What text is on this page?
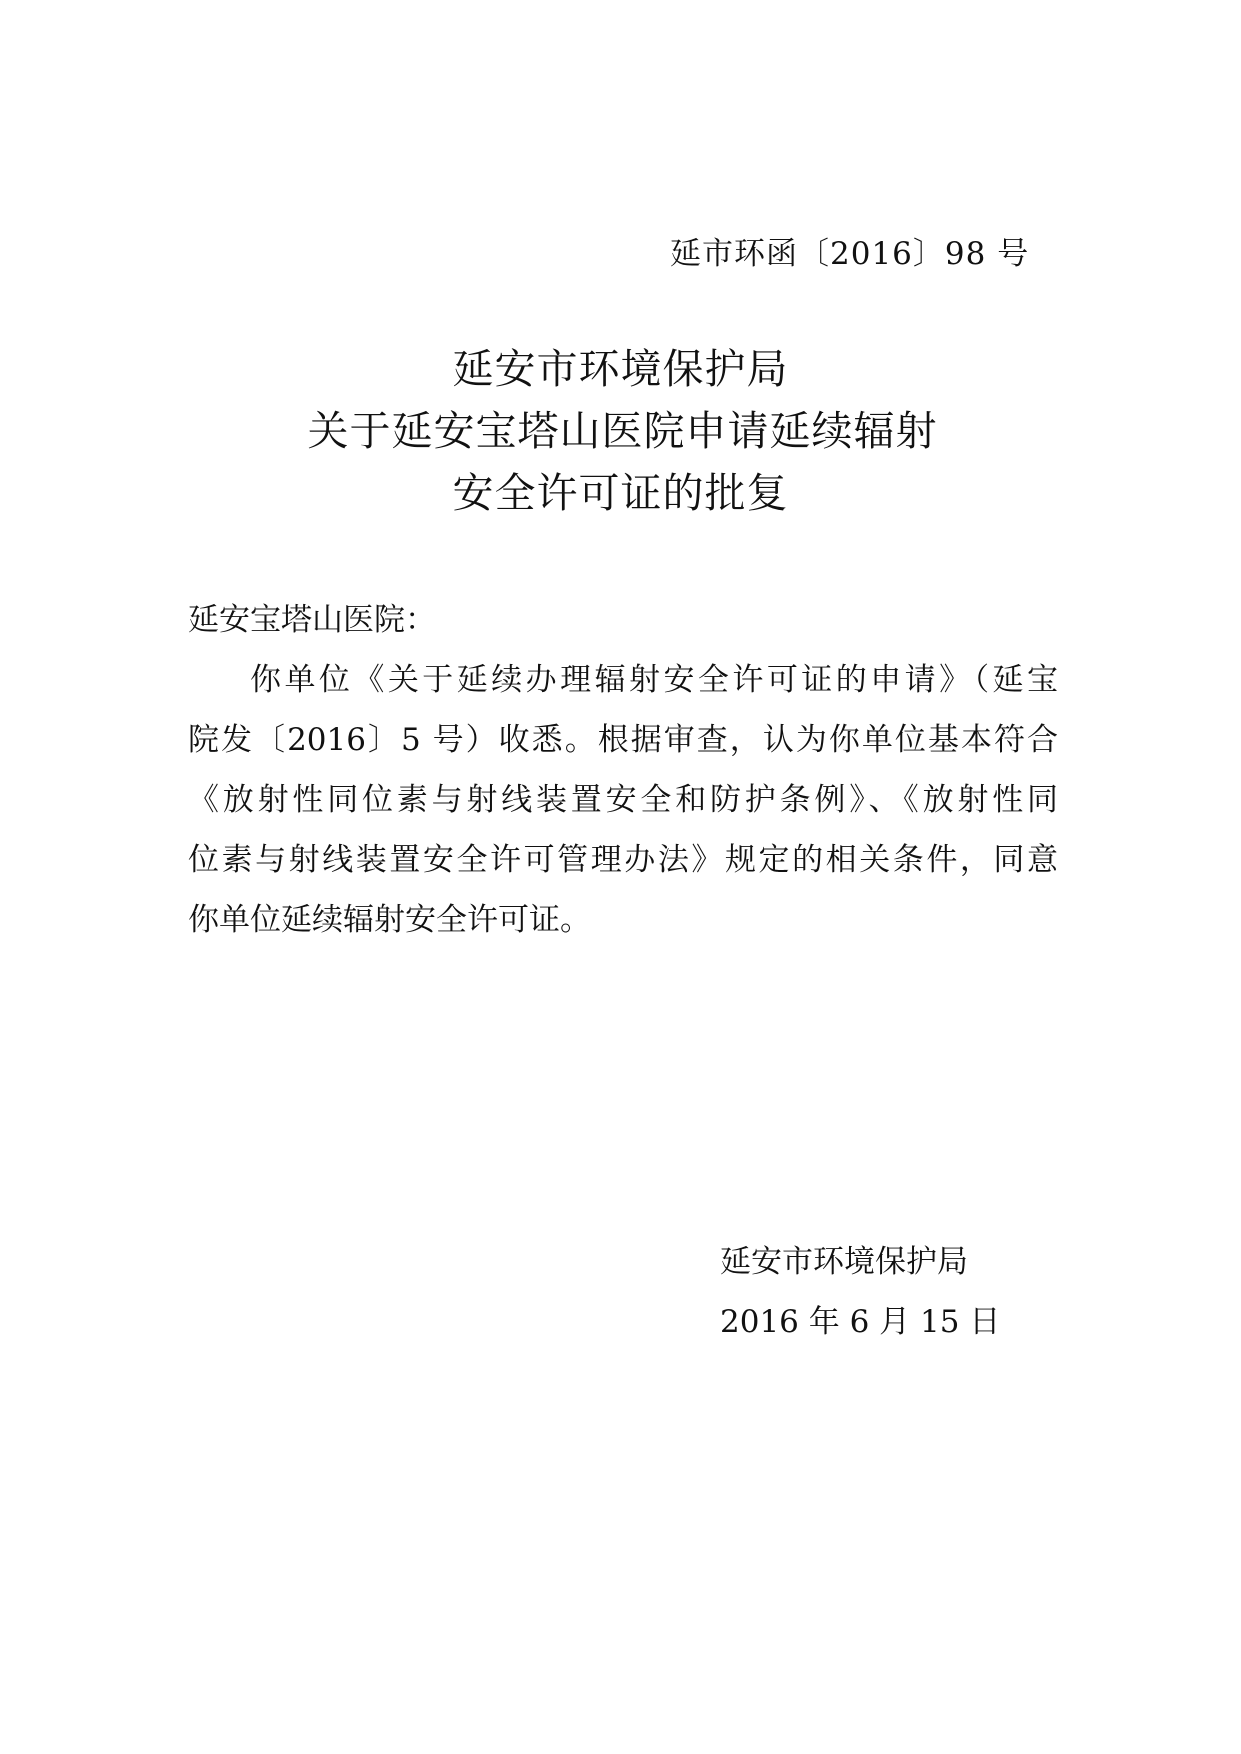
延市环函〔2016〕98 号
延安市环境保护局
关于延安宝塔山医院申请延续辐射
安全许可证的批复
延安宝塔山医院：
你单位《关于延续办理辐射安全许可证的申请》（延宝
院发〔2016〕5 号）收悉。根据审查，认为你单位基本符合
《放射性同位素与射线装置安全和防护条例》、《放射性同
位素与射线装置安全许可管理办法》规定的相关条件，同意
你单位延续辐射安全许可证。
延安市环境保护局
2016 年 6 月 15 日
